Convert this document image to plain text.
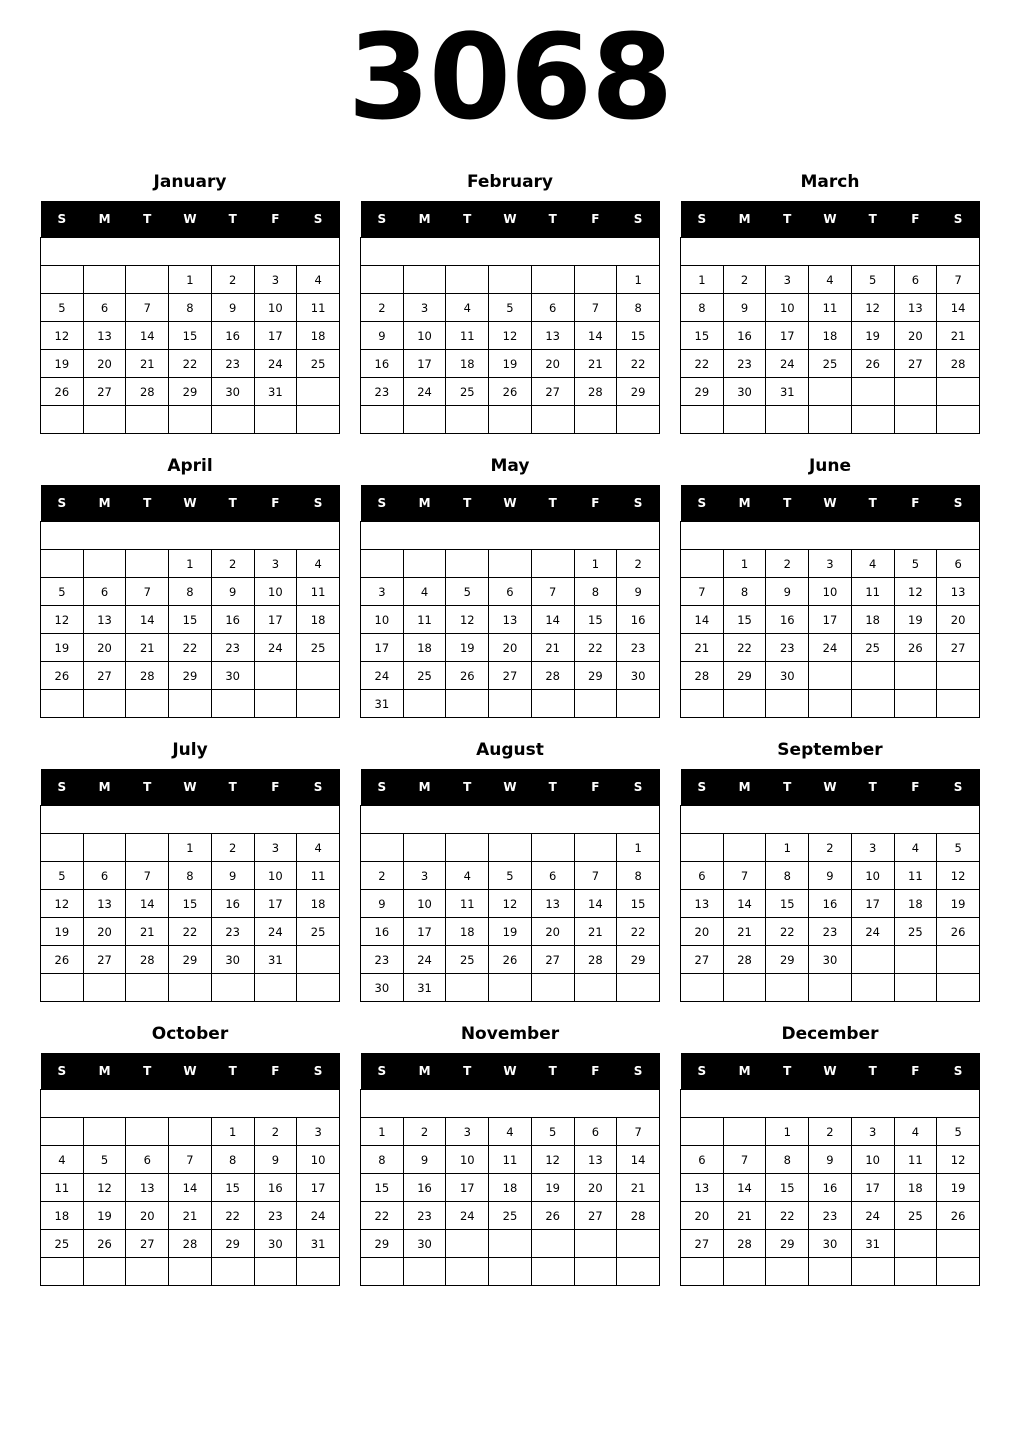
3068
January
S	M	T	W	T	F	S

			1	2	3	4
5	6	7	8	9	10	11
12	13	14	15	16	17	18
19	20	21	22	23	24	25
26	27	28	29	30	31	

February
S	M	T	W	T	F	S

						1
2	3	4	5	6	7	8
9	10	11	12	13	14	15
16	17	18	19	20	21	22
23	24	25	26	27	28	29

March
S	M	T	W	T	F	S

1	2	3	4	5	6	7
8	9	10	11	12	13	14
15	16	17	18	19	20	21
22	23	24	25	26	27	28
29	30	31				

April
S	M	T	W	T	F	S

			1	2	3	4
5	6	7	8	9	10	11
12	13	14	15	16	17	18
19	20	21	22	23	24	25
26	27	28	29	30		

May
S	M	T	W	T	F	S

					1	2
3	4	5	6	7	8	9
10	11	12	13	14	15	16
17	18	19	20	21	22	23
24	25	26	27	28	29	30
31						
June
S	M	T	W	T	F	S

	1	2	3	4	5	6
7	8	9	10	11	12	13
14	15	16	17	18	19	20
21	22	23	24	25	26	27
28	29	30				

July
S	M	T	W	T	F	S

			1	2	3	4
5	6	7	8	9	10	11
12	13	14	15	16	17	18
19	20	21	22	23	24	25
26	27	28	29	30	31	

August
S	M	T	W	T	F	S

						1
2	3	4	5	6	7	8
9	10	11	12	13	14	15
16	17	18	19	20	21	22
23	24	25	26	27	28	29
30	31					
September
S	M	T	W	T	F	S

		1	2	3	4	5
6	7	8	9	10	11	12
13	14	15	16	17	18	19
20	21	22	23	24	25	26
27	28	29	30			

October
S	M	T	W	T	F	S

				1	2	3
4	5	6	7	8	9	10
11	12	13	14	15	16	17
18	19	20	21	22	23	24
25	26	27	28	29	30	31

November
S	M	T	W	T	F	S

1	2	3	4	5	6	7
8	9	10	11	12	13	14
15	16	17	18	19	20	21
22	23	24	25	26	27	28
29	30					

December
S	M	T	W	T	F	S

		1	2	3	4	5
6	7	8	9	10	11	12
13	14	15	16	17	18	19
20	21	22	23	24	25	26
27	28	29	30	31		
